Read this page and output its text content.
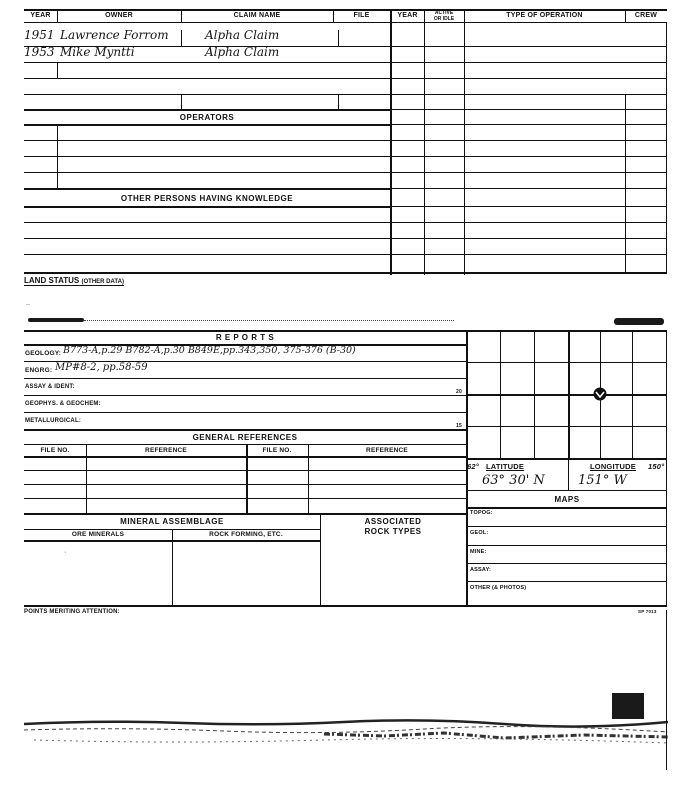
YEAR	OWNER	CLAIM NAME	FILE	YEAR	ACTIVE
OR IDLE	TYPE OF OPERATION	CREW
1951 Lawrence Forrom	Alpha Claim
1953 Mike Myntti	Alpha Claim
OPERATORS
OTHER PERSONS HAVING KNOWLEDGE
LAND STATUS (OTHER DATA)
..
R E P O R T S
GEOLOGY: B773-A,p.29 B782-A,p.30 B849E,pp.343,350, 375-376 (B-30)
ENGRG: MP#8-2, pp.58-59
ASSAY & IDENT:
20
GEOPHYS. & GEOCHEM:
METALLURGICAL:
15
GENERAL REFERENCES
FILE NO.	REFERENCE	FILE NO.	REFERENCE
MINERAL ASSEMBLAGE	ASSOCIATED
ROCK TYPES
ORE MINERALS	ROCK FORMING, ETC.
·
62° LATITUDE	LONGITUDE 150°
63° 30' N	151° W
MAPS
TOPOG:
GEOL:
MINE:
ASSAY:
OTHER (& PHOTOS)
POINTS MERITING ATTENTION:	SP 7013
